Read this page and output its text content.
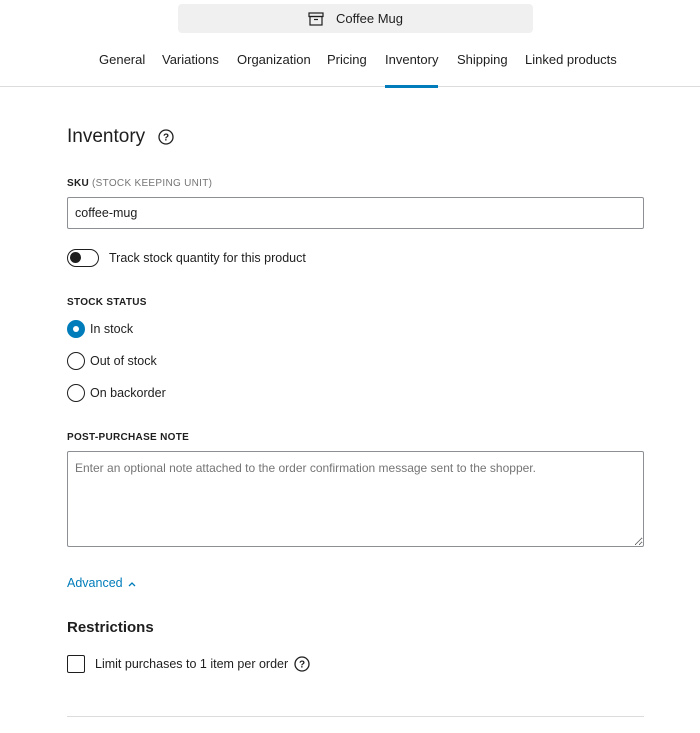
Coffee Mug
General Variations Organization Pricing Inventory Shipping Linked products
Inventory ?
SKU (STOCK KEEPING UNIT)
coffee-mug
Track stock quantity for this product
STOCK STATUS
In stock
Out of stock
On backorder
POST-PURCHASE NOTE
Enter an optional note attached to the order confirmation message sent to the shopper.
Advanced
Restrictions
Limit purchases to 1 item per order ?
